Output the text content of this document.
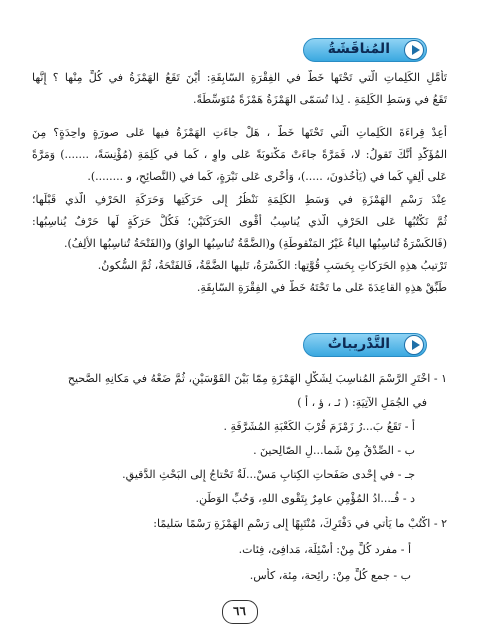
المُناقَشَةُ
تَأَمَّلِ الكَلِماتِ الَّتي تَحْتَها خَطٌّ في الفِقْرَةِ السّابِقَةِ: أَيْنَ تَقَعُ الهَمْزَةُ في كُلٍّ مِنْها ؟ إِنَّها
تَقَعُ في وَسَطِ الكَلِمَةِ . لِذا تُسَمّى الهَمْزَةُ هَمْزَةً مُتَوَسِّطَةً.
أَعِدْ قِراءَةَ الكَلِماتِ الَّتي تَحْتَها خَطٌّ ، هَلْ جاءَتِ الهَمْزَةُ فيها عَلى صورَةٍ واحِدَةٍ؟ مِنَ
المُؤَكَّدِ أَنَّكَ تَقولُ: لا، فَمَرَّةً جاءَتْ مَكْتوبَةً عَلى واوٍ ، كَما في كَلِمَةِ (مُؤْنِسَةً، .......) وَمَرَّةً
عَلى أَلِفٍ كَما في (يَأْخُذونَ، .....)، وَأُخْرى عَلى نَبْرَةٍ، كَما في (النَّصائِحِ، و ........).
عِنْدَ رَسْمِ الهَمْزَةِ في وَسَطِ الكَلِمَةِ نَنْظُرُ إِلى حَرَكَتِها وَحَرَكَةِ الحَرْفِ الَّذي قَبْلَها؛
ثُمَّ نَكْتُبُها عَلى الحَرْفِ الَّذي يُناسِبُ أَقْوى الحَرَكَتَيْنِ؛ فَكُلُّ حَرَكَةٍ لَها حَرْفٌ يُناسِبُها:
(فَالكَسْرَةُ تُناسِبُها الياءُ غَيْرُ المَنْقوطَةِ) و(الضَّمَّةُ تُناسِبُها الواوُ) و(الفَتْحَةُ تُناسِبُها الأَلِفُ).
تَرْتيبُ هذِهِ الحَرَكاتِ بِحَسَبِ قُوَّتِها: الكَسْرَةُ، تَليها الضَّمَّةُ، فَالفَتْحَةُ، ثُمَّ السُّكونُ.
طَبِّقْ هذِهِ القاعِدَةَ عَلى ما تَحْتَهُ خَطٌّ في الفِقْرَةِ السّابِقَةِ.
التَّدْريباتُ
١ - اخْتَرِ الرَّسْمَ المُناسِبَ لِشَكْلِ الهَمْزَةِ مِمّا بَيْنَ القَوْسَيْنِ، ثُمَّ ضَعْهُ في مَكانِهِ الصَّحيحِ
في الجُمَلِ الآتِيَةِ: ( ئـ ، ؤ ، أ )
أ - تَقَعُ بَ...رُ زَمْزَمَ قُرْبَ الكَعْبَةِ المُشَرَّفَةِ .
ب - الصِّدْقُ مِنْ شَما...لِ الصّالِحينَ .
جـ - في إِحْدى صَفَحاتِ الكِتابِ مَسْ...لَةٌ تَحْتاجُ إِلى البَحْثِ الدَّقيقِ.
د - فُـ...ادُ المُؤْمِنِ عامِرٌ بِتَقْوى اللهِ، وَحُبِّ الوَطَنِ.
٢ - اكْتُبْ ما يَأْتي في دَفْتَرِكَ، مُنْتَبِهًا إِلى رَسْمِ الهَمْزَةِ رَسْمًا سَليمًا:
أ - مفرد كُلٍّ مِنْ: أَسْئِلَة، مَدافِئ، فِئات.
ب - جمع كُلٍّ مِنْ: رائِحة، مِئة، كأس.
٦٦
